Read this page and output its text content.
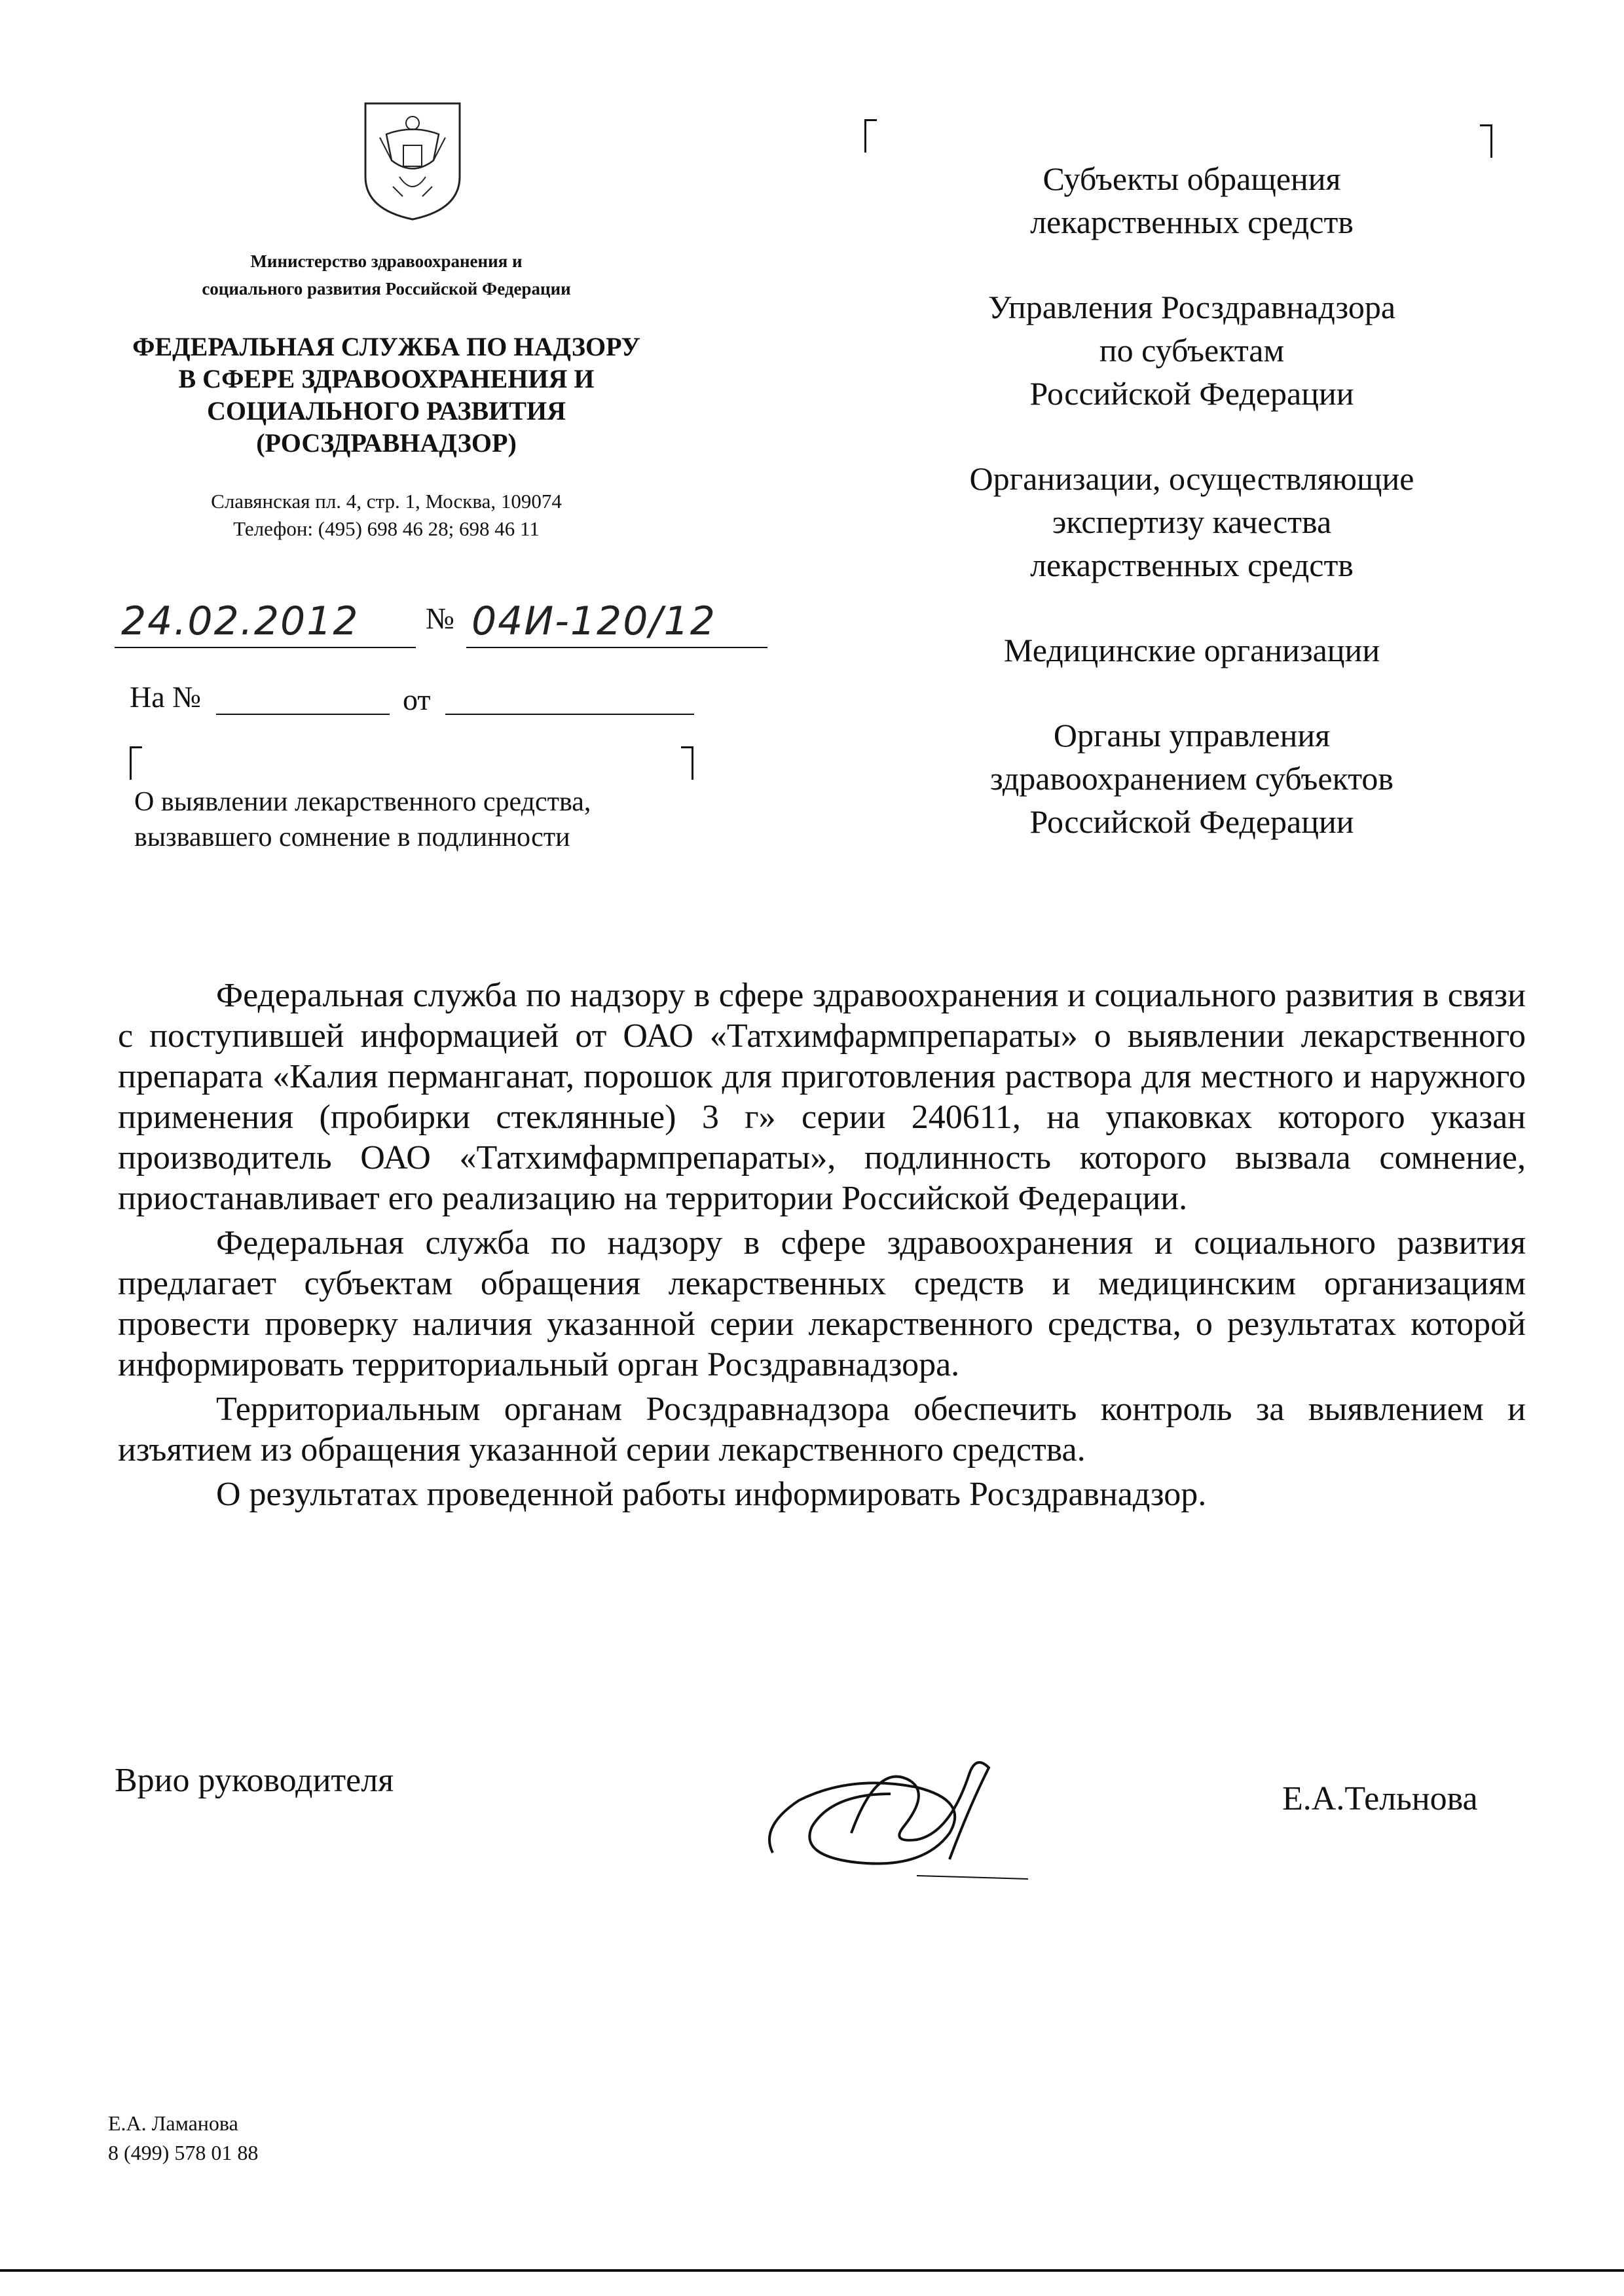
Министерство здравоохранения и
социального развития Российской Федерации
ФЕДЕРАЛЬНАЯ СЛУЖБА ПО НАДЗОРУ
В СФЕРЕ ЗДРАВООХРАНЕНИЯ И
СОЦИАЛЬНОГО РАЗВИТИЯ
(РОСЗДРАВНАДЗОР)
Славянская пл. 4, стр. 1, Москва, 109074
Телефон: (495) 698 46 28; 698 46 11
24.02.2012 № 04И-120/12
На №	от
О выявлении лекарственного средства,
вызвавшего сомнение в подлинности
Субъекты обращения
лекарственных средств
Управления Росздравнадзора
по субъектам
Российской Федерации
Организации, осуществляющие
экспертизу качества
лекарственных средств
Медицинские организации
Органы управления
здравоохранением субъектов
Российской Федерации

Федеральная служба по надзору в сфере здравоохранения и социального развития в связи с поступившей информацией от ОАО «Татхимфармпрепараты» о выявлении лекарственного препарата «Калия перманганат, порошок для приготовления раствора для местного и наружного применения (пробирки стеклянные) 3 г» серии 240611, на упаковках которого указан производитель ОАО «Татхимфармпрепараты», подлинность которого вызвала сомнение, приостанавливает его реализацию на территории Российской Федерации.

Федеральная служба по надзору в сфере здравоохранения и социального развития предлагает субъектам обращения лекарственных средств и медицинским организациям провести проверку наличия указанной серии лекарственного средства, о результатах которой информировать территориальный орган Росздравнадзора.

Территориальным органам Росздравнадзора обеспечить контроль за выявлением и изъятием из обращения указанной серии лекарственного средства.

О результатах проведенной работы информировать Росздравнадзор.

Врио руководителя	Е.А.Тельнова
Е.А. Ламанова
8 (499) 578 01 88
